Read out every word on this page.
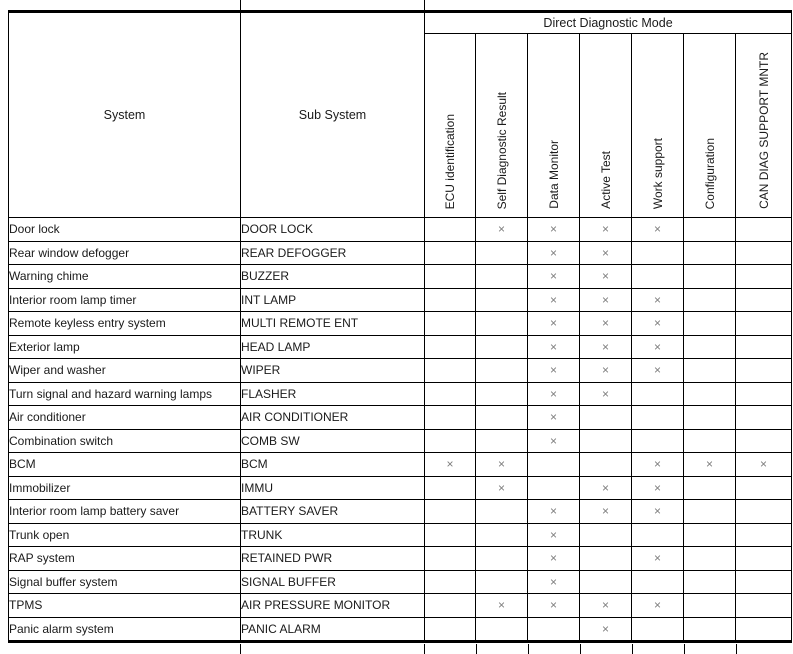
System	Sub System	Direct Diagnostic Mode						

		ECU identification	Self Diagnostic Result	Data Monitor	Active Test	Work support	Configuration	CAN DIAG SUPPORT MNTR

Door lock	DOOR LOCK		×	×	×	×		
Rear window defogger	REAR DEFOGGER			×	×			
Warning chime	BUZZER			×	×			
Interior room lamp timer	INT LAMP			×	×	×		
Remote keyless entry system	MULTI REMOTE ENT			×	×	×		
Exterior lamp	HEAD LAMP			×	×	×		
Wiper and washer	WIPER			×	×	×		
Turn signal and hazard warning lamps	FLASHER			×	×			
Air conditioner	AIR CONDITIONER			×				
Combination switch	COMB SW			×				
BCM	BCM	×	×			×	×	×
Immobilizer	IMMU		×		×	×		
Interior room lamp battery saver	BATTERY SAVER			×	×	×		
Trunk open	TRUNK			×				
RAP system	RETAINED PWR			×		×		
Signal buffer system	SIGNAL BUFFER			×				
TPMS	AIR PRESSURE MONITOR		×	×	×	×		
Panic alarm system	PANIC ALARM				×			
